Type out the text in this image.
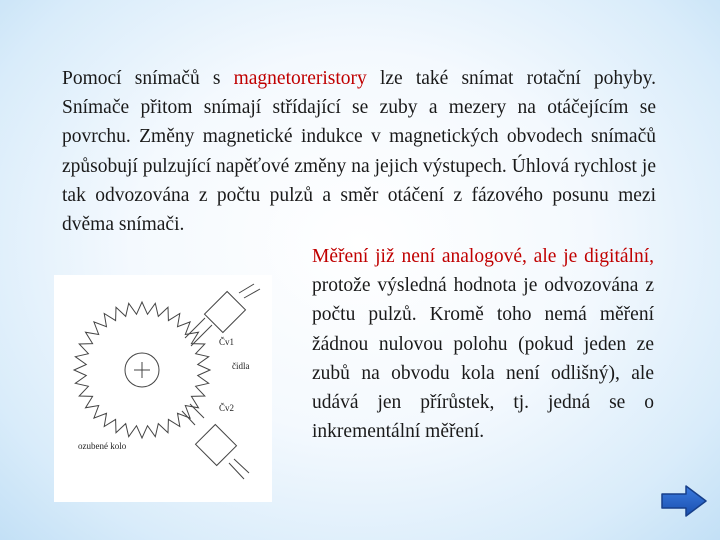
Pomocí snímačů s magnetoreristory lze také snímat rotační pohyby. Snímače přitom snímají střídající se zuby a mezery na otáčejícím se povrchu. Změny magnetické indukce v magnetických obvodech snímačů způsobují pulzující napěťové změny na jejich výstupech. Úhlová rychlost je tak odvozována z počtu pulzů a směr otáčení z fázového posunu mezi dvěma snímači.

Čv1
čidla
Čv2
ozubené kolo

Měření již není analogové, ale je digitální, protože výsledná hodnota je odvozována z počtu pulzů. Kromě toho nemá měření žádnou nulovou polohu (pokud jeden ze zubů na obvodu kola není odlišný), ale udává jen přírůstek, tj. jedná se o inkrementální měření.
